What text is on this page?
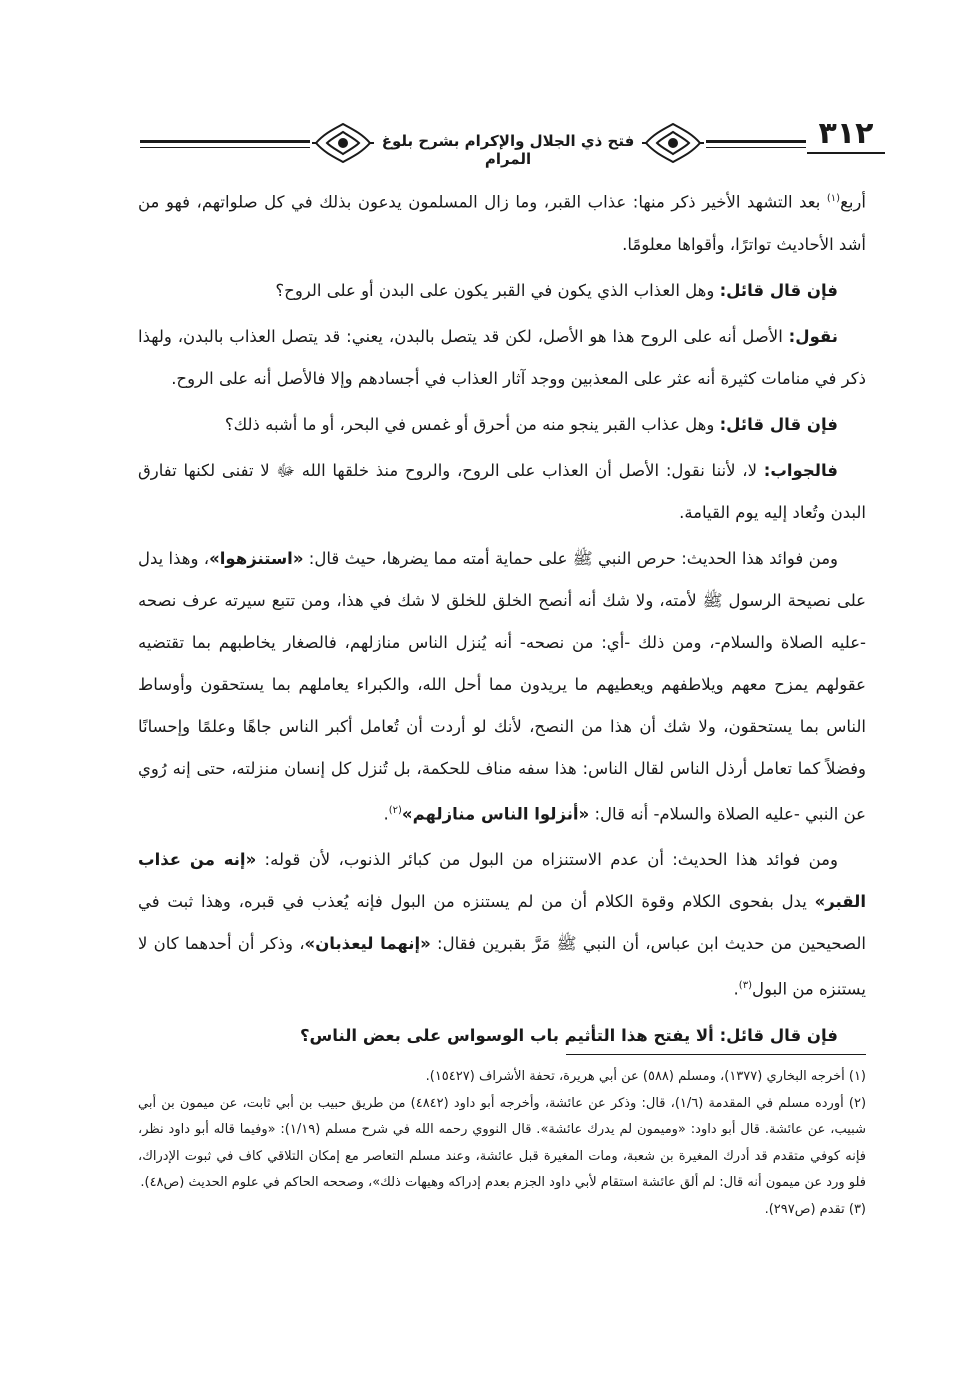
فتح ذي الجلال والإكرام بشرح بلوغ المرام
٣١٢

أربع$^{(١)}$ بعد التشهد الأخير ذكر منها: عذاب القبر، وما زال المسلمون يدعون بذلك في كل صلواتهم، فهو من أشد الأحاديث تواترًا، وأقواها معلومًا.

فإن قال قائل: وهل العذاب الذي يكون في القبر يكون على البدن أو على الروح؟

نقول: الأصل أنه على الروح هذا هو الأصل، لكن قد يتصل بالبدن، يعني: قد يتصل العذاب بالبدن، ولهذا ذكر في منامات كثيرة أنه عثر على المعذبين ووجد آثار العذاب في أجسادهم وإلا فالأصل أنه على الروح.

فإن قال قائل: وهل عذاب القبر ينجو منه من أحرق أو غمس في البحر، أو ما أشبه ذلك؟

فالجواب: لا، لأننا نقول: الأصل أن العذاب على الروح، والروح منذ خلقها الله ﷻ لا تفنى لكنها تفارق البدن وتُعاد إليه يوم القيامة.

ومن فوائد هذا الحديث: حرص النبي ﷺ على حماية أمته مما يضرها، حيث قال: «استنزهوا»، وهذا يدل على نصيحة الرسول ﷺ لأمته، ولا شك أنه أنصح الخلق للخلق لا شك في هذا، ومن تتبع سيرته عرف نصحه -عليه الصلاة والسلام-، ومن ذلك -أي: من نصحه- أنه يُنزل الناس منازلهم، فالصغار يخاطبهم بما تقتضيه عقولهم يمزح معهم ويلاطفهم ويعطيهم ما يريدون مما أحل الله، والكبراء يعاملهم بما يستحقون وأوساط الناس بما يستحقون، ولا شك أن هذا من النصح، لأنك لو أردت أن تُعامل أكبر الناس جاهًا وعلمًا وإحسانًا وفضلاً كما تعامل أرذل الناس لقال الناس: هذا سفه مناف للحكمة، بل تُنزل كل إنسان منزلته، حتى إنه رُوي عن النبي -عليه الصلاة والسلام- أنه قال: «أنزلوا الناس منازلهم»$^{(٢)}$.

ومن فوائد هذا الحديث: أن عدم الاستنزاه من البول من كبائر الذنوب، لأن قوله: «إنه من عذاب القبر» يدل بفحوى الكلام وقوة الكلام أن من لم يستنزه من البول فإنه يُعذب في قبره، وهذا ثبت في الصحيحين من حديث ابن عباس، أن النبي ﷺ مَرَّ بقبرين فقال: «إنهما ليعذبان»، وذكر أن أحدهما كان لا يستنزه من البول$^{(٣)}$.

فإن قال قائل: ألا يفتح هذا التأثيم باب الوسواس على بعض الناس؟

(١) أخرجه البخاري (١٣٧٧)، ومسلم (٥٨٨) عن أبي هريرة، تحفة الأشراف (١٥٤٢٧).

(٢) أورده مسلم في المقدمة (١/٦)، قال: وذكر عن عائشة، وأخرجه أبو داود (٤٨٤٢) من طريق حبيب بن أبي ثابت، عن ميمون بن أبي شبيب، عن عائشة. قال أبو داود: «وميمون لم يدرك عائشة». قال النووي رحمه الله في شرح مسلم (١/١٩): «وفيما قاله أبو داود نظر، فإنه كوفي متقدم قد أدرك المغيرة بن شعبة، ومات المغيرة قبل عائشة، وعند مسلم التعاصر مع إمكان التلاقي كاف في ثبوت الإدراك، فلو ورد عن ميمون أنه قال: لم ألق عائشة استقام لأبي داود الجزم بعدم إدراكه وهيهات ذلك»، وصححه الحاكم في علوم الحديث (ص٤٨).

(٣) تقدم (ص٢٩٧).
